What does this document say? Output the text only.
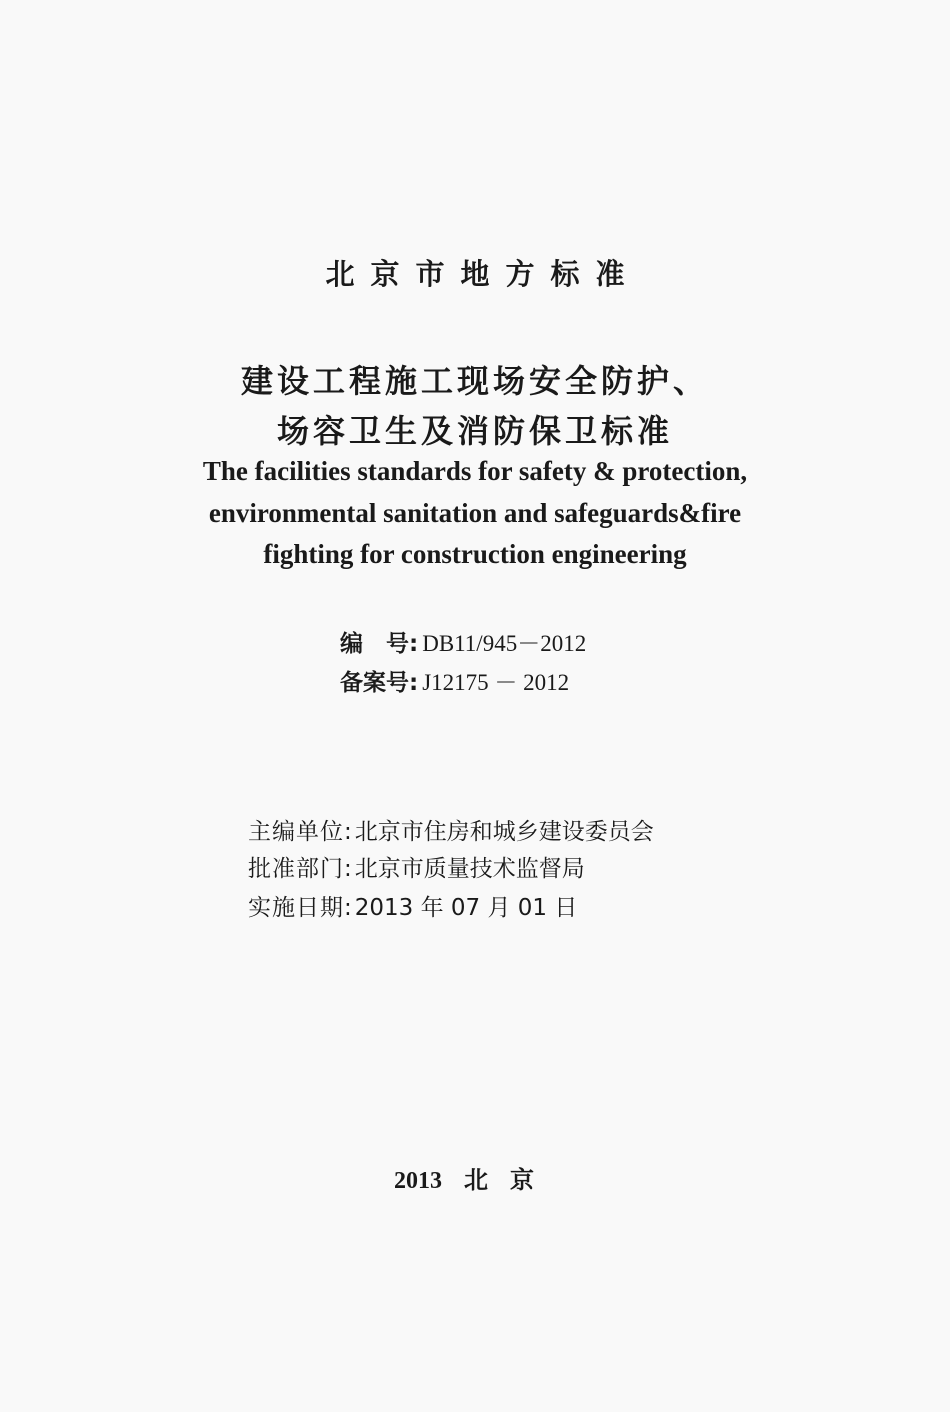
北京市地方标准
建设工程施工现场安全防护、
场容卫生及消防保卫标准
The facilities standards for safety & protection,
environmental sanitation and safeguards&fire
fighting for construction engineering
编　号: DB11/945－2012
备案号: J12175 － 2012
主编单位:北京市住房和城乡建设委员会
批准部门:北京市质量技术监督局
实施日期:2013 年 07 月 01 日
2013 北京
